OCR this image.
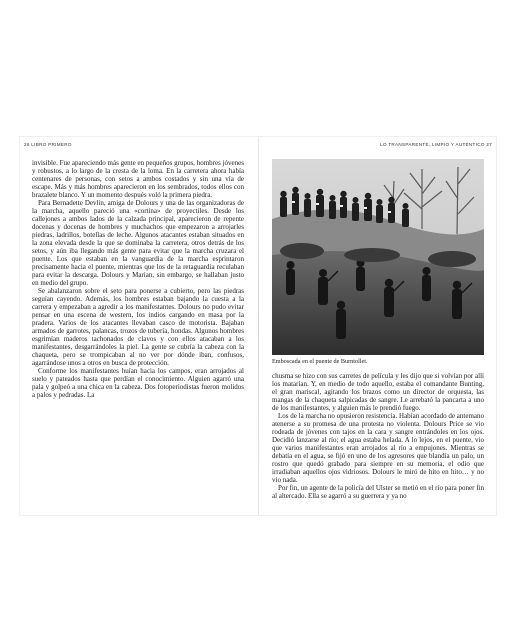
26 LIBRO PRIMERO	LO TRANSPARENTE, LIMPIO Y AUTÉNTICO 27

invisible. Fue apareciendo más gente en pequeños grupos, hombres jóvenes y robustos, a lo largo de la cresta de la loma. En la carretera ahora había centenares de personas, con setos a ambos costados y sin una vía de escape. Más y más hombres aparecieron en los sembrados, todos ellos con brazalete blanco. Y un momento después voló la primera piedra.

Para Bernadette Devlin, amiga de Dolours y una de las organizadoras de la marcha, aquello pareció una «cortina» de proyectiles. Desde los callejones a ambos lados de la calzada principal, aparecieron de repente docenas y docenas de hombres y muchachos que empezaron a arrojarles piedras, ladrillos, botellas de leche. Algunos atacantes estaban situados en la zona elevada desde la que se dominaba la carretera, otros detrás de los setos, y aún iba llegando más gente para evitar que la marcha cruzara el puente. Los que estaban en la vanguardia de la marcha esprintaron precisamente hacia el puente, mientras que los de la retaguardia reculaban para evitar la descarga. Dolours y Marian, sin embargo, se hallaban justo en medio del grupo.

Se abalanzaron sobre el seto para ponerse a cubierto, pero las piedras seguían cayendo. Además, los hombres estaban bajando la cuesta a la carrera y empezaban a agredir a los manifestantes. Dolours no pudo evitar pensar en una escena de western, los indios cargando en masa por la pradera. Varios de los atacantes llevaban casco de motorista. Bajaban armados de garrotes, palancas, trozos de tubería, hondas. Algunos hombres esgrimían maderos tachonados de clavos y con ellos atacaban a los manifestantes, desgarrándoles la piel. La gente se cubría la cabeza con la chaqueta, pero se trompicaban al no ver por dónde iban, confusos, agarrándose unos a otros en busca de protección.

Conforme los manifestantes huían hacia los campos, eran arrojados al suelo y pateados hasta que perdían el conocimiento. Alguien agarró una pala y golpeó a una chica en la cabeza. Dos fotoperiodistas fueron molidos a palos y pedradas. La

Emboscada en el puente de Burntollet.

chusma se hizo con sus carretes de película y les dijo que si volvían por allí los matarían. Y, en medio de todo aquello, estaba el comandante Bunting, el gran mariscal, agitando los brazos como un director de orquesta, las mangas de la chaqueta salpicadas de sangre. Le arrebató la pancarta a uno de los manifestantes, y alguien más le prendió fuego.

Los de la marcha no opusieron resistencia. Habían acordado de antemano atenerse a su promesa de una protesta no violenta. Dolours Price se vio rodeada de jóvenes con tajos en la cara y sangre entrándoles en los ojos. Decidió lanzarse al río; el agua estaba helada. A lo lejos, en el puente, vio que varios manifestantes eran arrojados al río a empujones. Mientras se debatía en el agua, se fijó en uno de los agresores que blandía un palo, un rostro que quedó grabado para siempre en su memoria, el odio que irradiaban aquellos ojos vidriosos. Dolours le miró de hito en hito… y no vio nada.

Por fin, un agente de la policía del Ulster se metió en el río para poner fin al altercado. Ella se agarró a su guerrera y ya no
